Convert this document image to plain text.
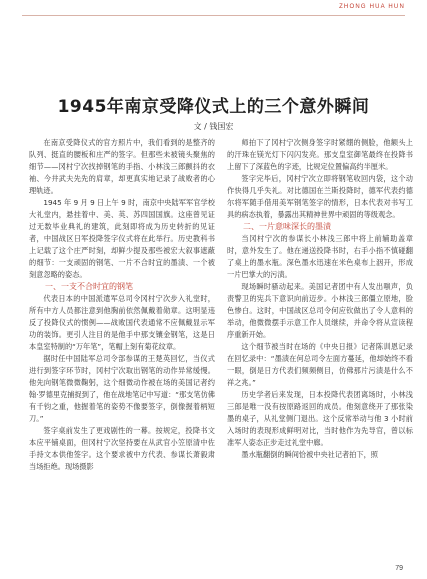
ZHONG HUA HUN
1945年南京受降仪式上的三个意外瞬间
文 / 钱国宏

在南京受降仪式的官方照片中，我们看到的是整齐的队列、挺直的腰板和庄严的签字。但那些未被镜头聚焦的细节——冈村宁次找掉钢笔的手指、小林浅三郎颤抖的衣袖、今井武夫先先的肩章，却更真实地记录了战败者的心理轨迹。

1945 年 9 月 9 日上午 9 时，南京中央陆军军官学校大礼堂内，悬挂着中、美、英、苏四国国旗。这座曾见证过无数毕业典礼的建筑，此刻即将成为历史转折的见证者，中国战区日军投降签字仪式将在此举行。历史教科书上记载了这个庄严时刻，却鲜少提及那些被宏大叙事遮蔽的细节：一支顽固的钢笔、一片不合时宜的墨渍、一个被刻意忽略的姿态。

一、一支不合时宜的钢笔

代表日本的中国派遣军总司令冈村宁次步入礼堂时，所有中方人员都注意到他胸前依然佩戴着勋章。这明显违反了投降仪式的惯例——战败国代表通常不应佩戴显示军功的装饰。更引人注目的是他手中那支镶金钢笔，这是日本皇室特制的“万年笔”，笔帽上刻有菊花纹章。

据时任中国陆军总司令部参谋的王楚英回忆，当仪式进行到签字环节时，冈村宁次取出钢笔的动作异常缓慢。他先向钢笔微微鞠躬，这个细微动作被在场的美国记者约翰·罗德里克捕捉到了，他在战地笔记中写道：“那支笔仿佛有千钧之重，他握着笔的姿势不像要签字，倒像握着柄短刀。”

签字桌前发生了更戏剧性的一幕。按规定，投降书文本应平铺桌面，但冈村宁次坚持要在从武官小笠原清中佐手持文本供他签字。这个要求被中方代表、参谋长萧毅肃当场拒绝。现场摄影

师拍下了冈村宁次侧身签字时紧绷的侧脸，他额头上的汗珠在镁光灯下闪闪发亮。那支皇室御笔最终在投降书上留下了深蓝色的字迹，比规定位置偏高约半厘米。

签字完毕后，冈村宁次立即将钢笔收回内袋，这个动作快得几乎失礼。对比德国在兰斯投降时，德军代表约德尔将军随手借用美军钢笔签字的情形，日本代表对书写工具的病态执着，暴露出其精神世界中顽固的等级观念。

二、一片意味深长的墨渍

当冈村宁次的参谋长小林浅三郎中将上前辅助盖章时，意外发生了。他在递送投降书时，右手小指不慎碰翻了桌上的墨水瓶。深色墨水迅速在米色桌布上洇开，形成一片巴掌大的污渍。

现场瞬时骚动起来。美国记者团中有人发出嗤声，负责警卫的宪兵下意识向前迈步。小林浅三郎僵立原地，脸色惨白。这时，中国战区总司令何应钦做出了令人意料的举动，他微微摆手示意工作人员继续，并命令将从宣读程序重新开始。

这个细节被当时在场的《中央日报》记者陈训恩记录在回忆录中：“墨渍在何总司令左面方蔓延，他却始终不看一眼，倒是日方代表们频频侧目，仿佛那片污渍是什么不祥之兆。”

历史学者后来发现，日本投降代表团离场时，小林浅三郎是唯一没有按原路返回的成员。他刻意绕开了那张染墨的桌子，从礼堂侧门退出。这个反常举动与他 3 小时前入场时的表现形成鲜明对比，当时他作为先导官，曾以标准军人姿态正步走过礼堂中廊。

墨水瓶翻倒的瞬间恰被中央社记者拍下，照

79
